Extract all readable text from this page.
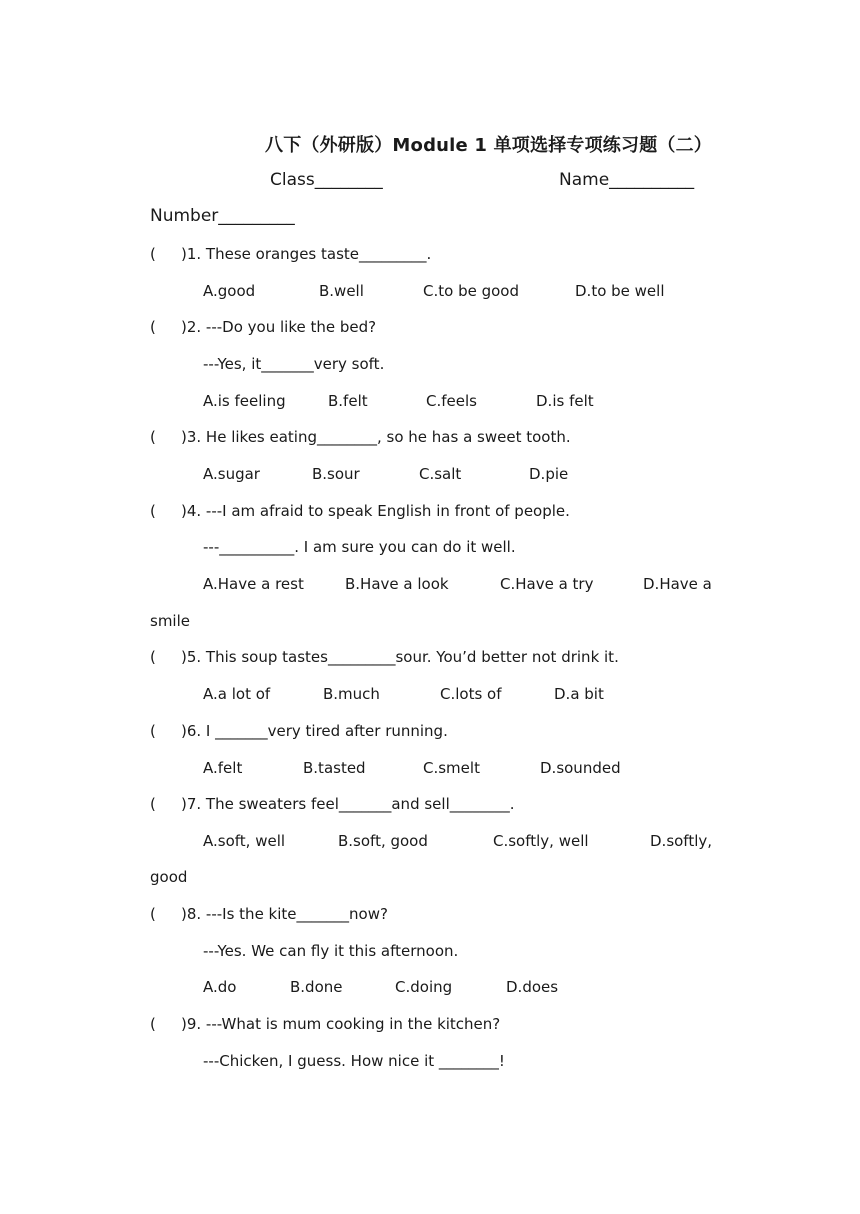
八下（外研版）Module 1 单项选择专项练习题（二）
Class________	Name__________
Number_________
( )1. These oranges taste_________.
A.good	B.well	C.to be good	D.to be well
( )2. ---Do you like the bed?
---Yes, it_______very soft.
A.is feeling	B.felt	C.feels	D.is felt
( )3. He likes eating________, so he has a sweet tooth.
A.sugar	B.sour	C.salt	D.pie
( )4. ---I am afraid to speak English in front of people.
---__________. I am sure you can do it well.
A.Have a rest	B.Have a look	C.Have a try	D.Have a
smile
( )5. This soup tastes_________sour. You’d better not drink it.
A.a lot of	B.much	C.lots of	D.a bit
( )6. I _______very tired after running.
A.felt	B.tasted	C.smelt	D.sounded
( )7. The sweaters feel_______and sell________.
A.soft, well	B.soft, good	C.softly, well	D.softly,
good
( )8. ---Is the kite_______now?
---Yes. We can fly it this afternoon.
A.do	B.done	C.doing	D.does
( )9. ---What is mum cooking in the kitchen?
---Chicken, I guess. How nice it ________!
